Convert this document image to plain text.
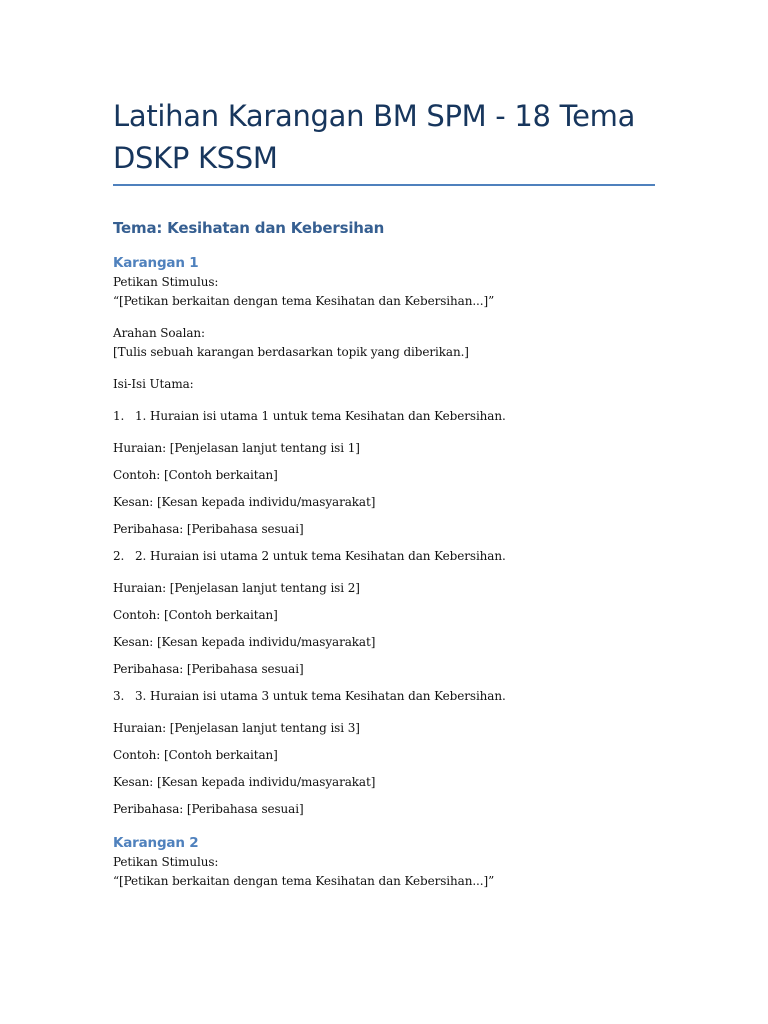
Latihan Karangan BM SPM - 18 Tema
DSKP KSSM
Tema: Kesihatan dan Kebersihan
Karangan 1
Petikan Stimulus:
“[Petikan berkaitan dengan tema Kesihatan dan Kebersihan...]”
Arahan Soalan:
[Tulis sebuah karangan berdasarkan topik yang diberikan.]
Isi-Isi Utama:
1. 1. Huraian isi utama 1 untuk tema Kesihatan dan Kebersihan.
Huraian: [Penjelasan lanjut tentang isi 1]
Contoh: [Contoh berkaitan]
Kesan: [Kesan kepada individu/masyarakat]
Peribahasa: [Peribahasa sesuai]
2. 2. Huraian isi utama 2 untuk tema Kesihatan dan Kebersihan.
Huraian: [Penjelasan lanjut tentang isi 2]
Contoh: [Contoh berkaitan]
Kesan: [Kesan kepada individu/masyarakat]
Peribahasa: [Peribahasa sesuai]
3. 3. Huraian isi utama 3 untuk tema Kesihatan dan Kebersihan.
Huraian: [Penjelasan lanjut tentang isi 3]
Contoh: [Contoh berkaitan]
Kesan: [Kesan kepada individu/masyarakat]
Peribahasa: [Peribahasa sesuai]
Karangan 2
Petikan Stimulus:
“[Petikan berkaitan dengan tema Kesihatan dan Kebersihan...]”
